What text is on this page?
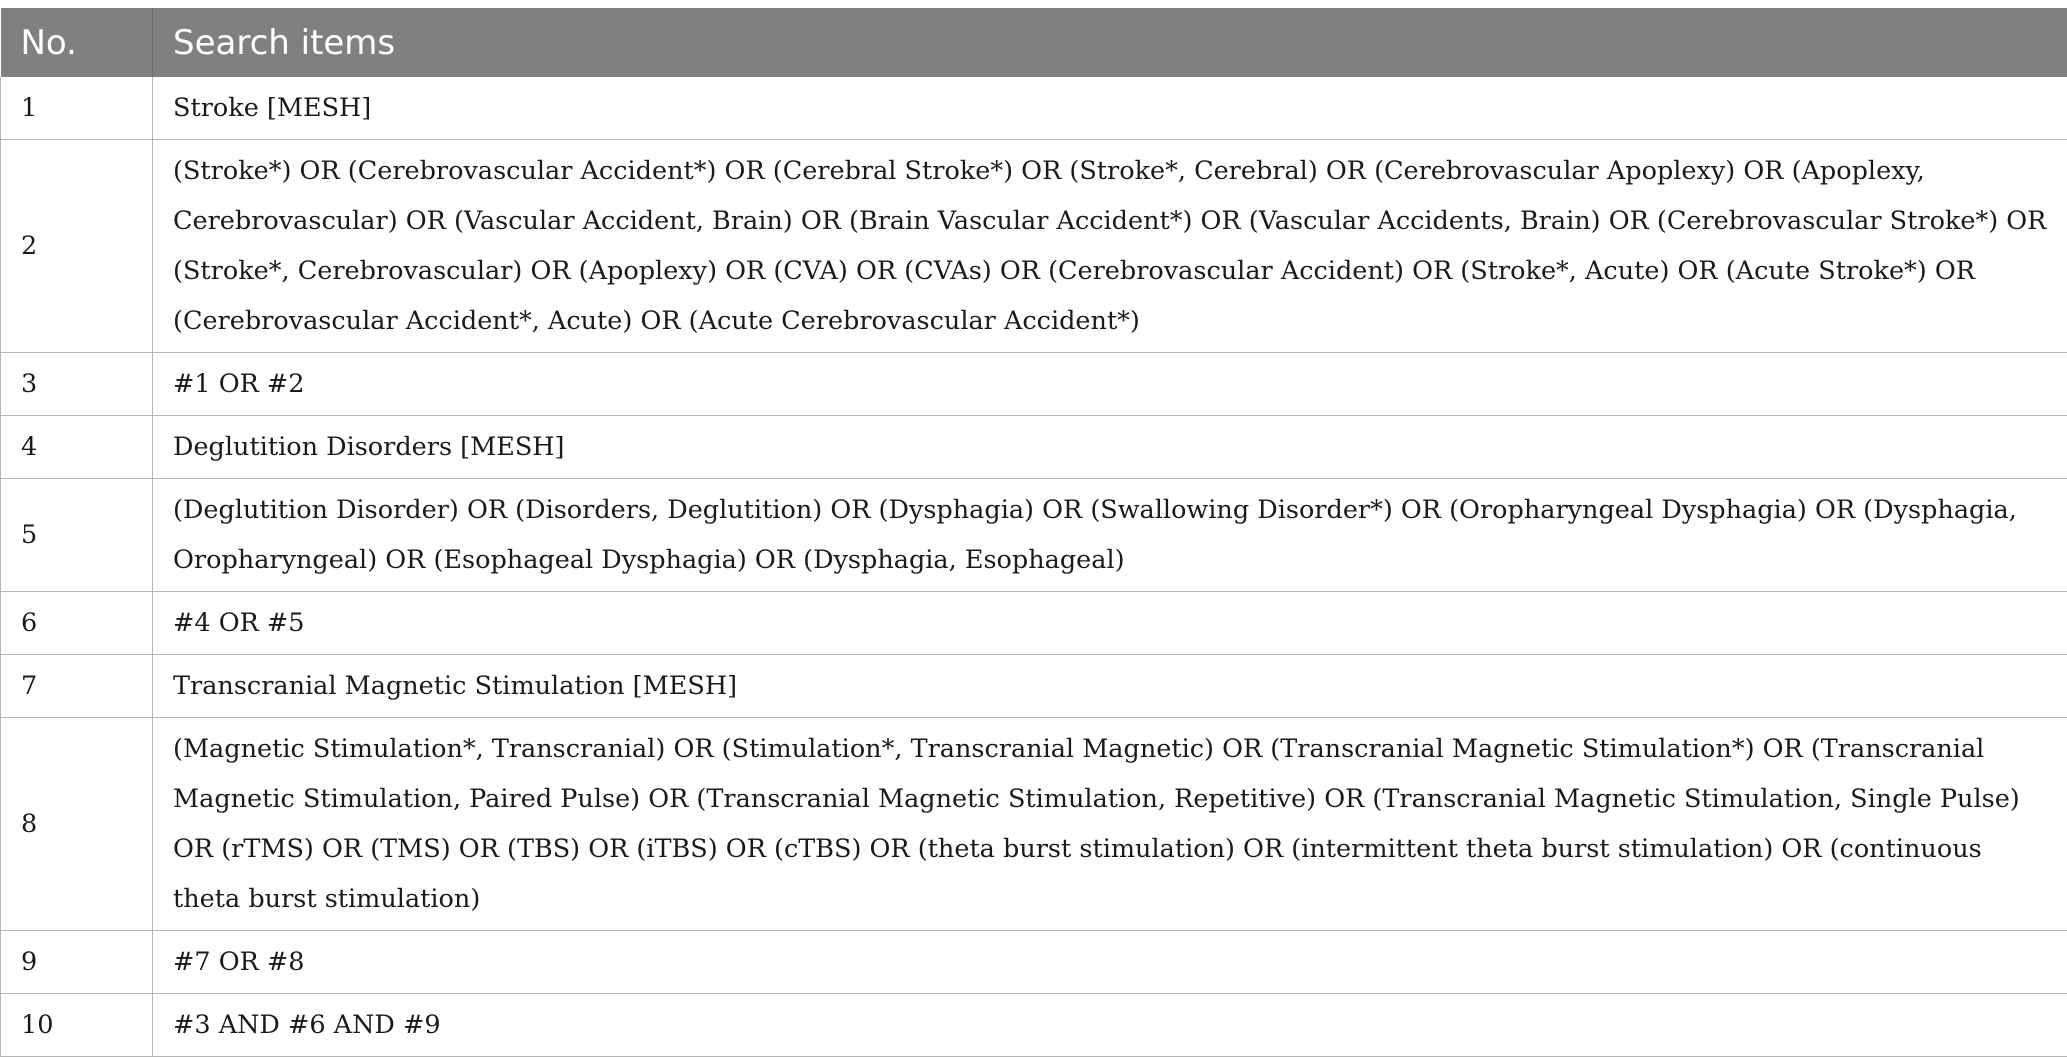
No.	Search items
1	Stroke [MESH]
2	(Stroke*) OR (Cerebrovascular Accident*) OR (Cerebral Stroke*) OR (Stroke*, Cerebral) OR (Cerebrovascular Apoplexy) OR (Apoplexy, Cerebrovascular) OR (Vascular Accident, Brain) OR (Brain Vascular Accident*) OR (Vascular Accidents, Brain) OR (Cerebrovascular Stroke*) OR (Stroke*, Cerebrovascular) OR (Apoplexy) OR (CVA) OR (CVAs) OR (Cerebrovascular Accident) OR (Stroke*, Acute) OR (Acute Stroke*) OR (Cerebrovascular Accident*, Acute) OR (Acute Cerebrovascular Accident*)
3	#1 OR #2
4	Deglutition Disorders [MESH]
5	(Deglutition Disorder) OR (Disorders, Deglutition) OR (Dysphagia) OR (Swallowing Disorder*) OR (Oropharyngeal Dysphagia) OR (Dysphagia, Oropharyngeal) OR (Esophageal Dysphagia) OR (Dysphagia, Esophageal)
6	#4 OR #5
7	Transcranial Magnetic Stimulation [MESH]
8	(Magnetic Stimulation*, Transcranial) OR (Stimulation*, Transcranial Magnetic) OR (Transcranial Magnetic Stimulation*) OR (Transcranial Magnetic Stimulation, Paired Pulse) OR (Transcranial Magnetic Stimulation, Repetitive) OR (Transcranial Magnetic Stimulation, Single Pulse) OR (rTMS) OR (TMS) OR (TBS) OR (iTBS) OR (cTBS) OR (theta burst stimulation) OR (intermittent theta burst stimulation) OR (continuous theta burst stimulation)
9	#7 OR #8
10	#3 AND #6 AND #9
